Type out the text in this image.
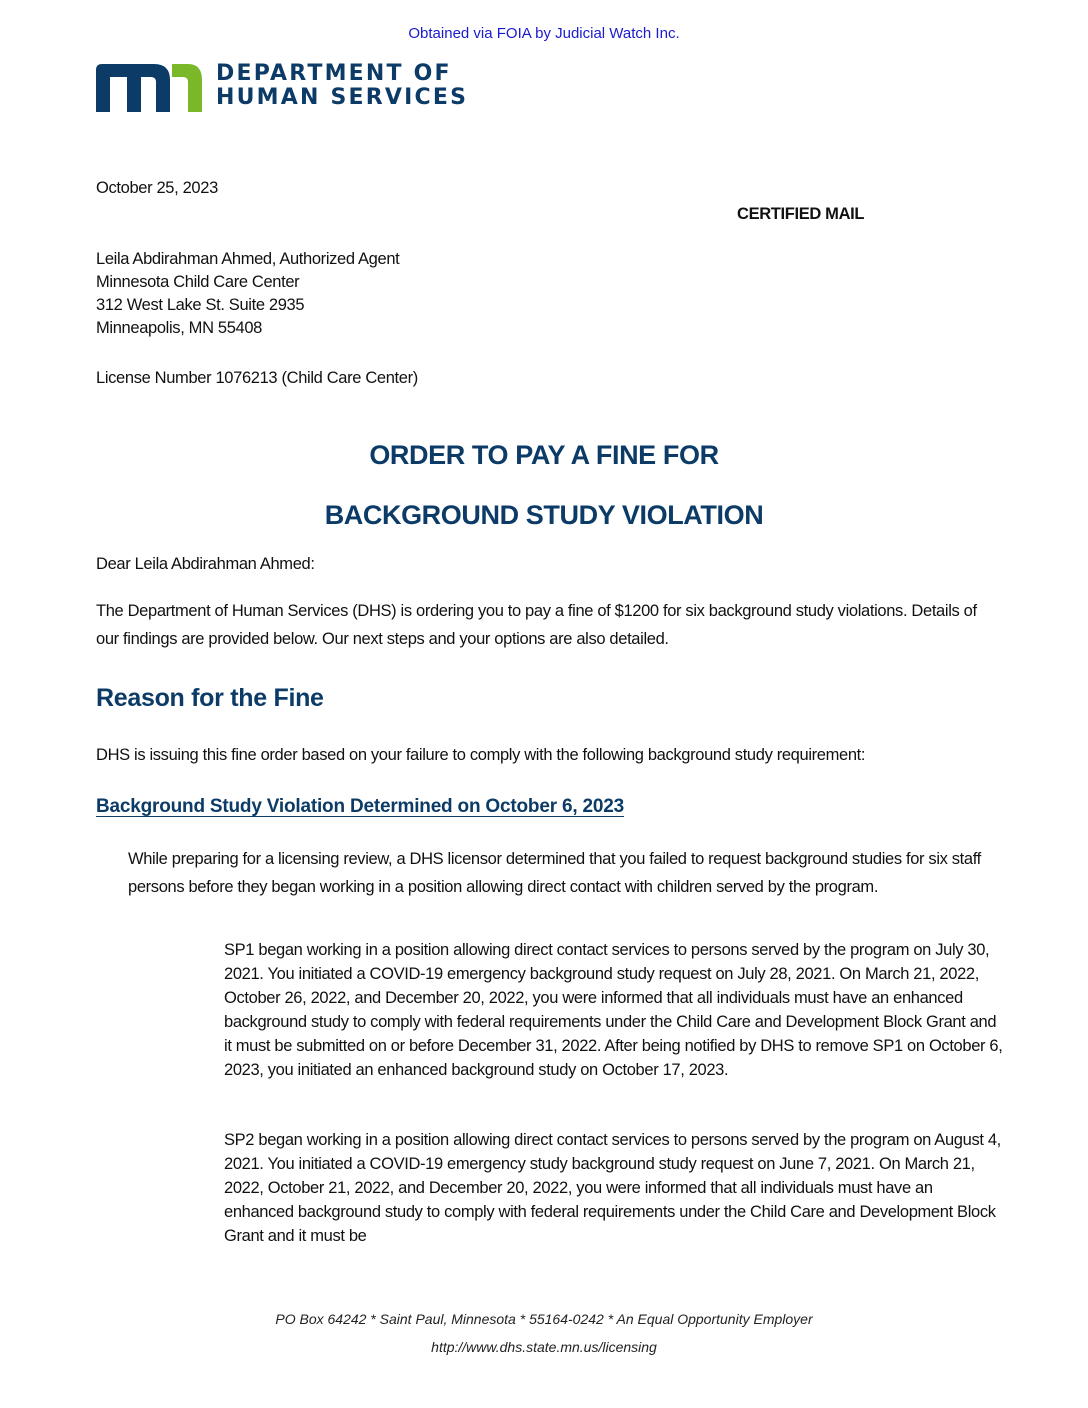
Obtained via FOIA by Judicial Watch Inc.
DEPARTMENT OF
HUMAN SERVICES
October 25, 2023
CERTIFIED MAIL
Leila Abdirahman Ahmed, Authorized Agent
Minnesota Child Care Center
312 West Lake St. Suite 2935
Minneapolis, MN 55408
License Number 1076213 (Child Care Center)
ORDER TO PAY A FINE FOR
BACKGROUND STUDY VIOLATION
Dear Leila Abdirahman Ahmed:
The Department of Human Services (DHS) is ordering you to pay a fine of $1200 for six background study violations. Details of our findings are provided below. Our next steps and your options are also detailed.
Reason for the Fine
DHS is issuing this fine order based on your failure to comply with the following background study requirement:
Background Study Violation Determined on October 6, 2023
While preparing for a licensing review, a DHS licensor determined that you failed to request background studies for six staff persons before they began working in a position allowing direct contact with children served by the program.
SP1 began working in a position allowing direct contact services to persons served by the program on July 30, 2021. You initiated a COVID-19 emergency background study request on July 28, 2021. On March 21, 2022, October 26, 2022, and December 20, 2022, you were informed that all individuals must have an enhanced background study to comply with federal requirements under the Child Care and Development Block Grant and it must be submitted on or before December 31, 2022. After being notified by DHS to remove SP1 on October 6, 2023, you initiated an enhanced background study on October 17, 2023.
SP2 began working in a position allowing direct contact services to persons served by the program on August 4, 2021. You initiated a COVID-19 emergency study background study request on June 7, 2021. On March 21, 2022, October 21, 2022, and December 20, 2022, you were informed that all individuals must have an enhanced background study to comply with federal requirements under the Child Care and Development Block Grant and it must be
PO Box 64242 * Saint Paul, Minnesota * 55164-0242 * An Equal Opportunity Employer
http://www.dhs.state.mn.us/licensing
